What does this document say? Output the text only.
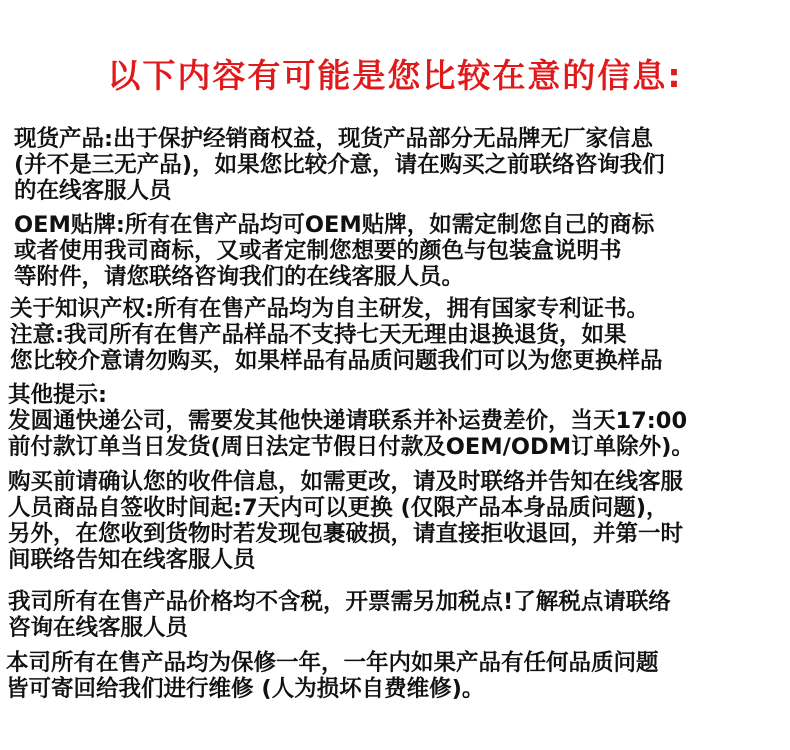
以下内容有可能是您比较在意的信息:
现货产品:出于保护经销商权益，现货产品部分无品牌无厂家信息
(并不是三无产品)，如果您比较介意，请在购买之前联络咨询我们
的在线客服人员
OEM贴牌:所有在售产品均可OEM贴牌，如需定制您自己的商标
或者使用我司商标，又或者定制您想要的颜色与包装盒说明书
等附件，请您联络咨询我们的在线客服人员。
关于知识产权:所有在售产品均为自主研发，拥有国家专利证书。
注意:我司所有在售产品样品不支持七天无理由退换退货，如果
您比较介意请勿购买，如果样品有品质问题我们可以为您更换样品
其他提示:
发圆通快递公司，需要发其他快递请联系并补运费差价，当天17:00
前付款订单当日发货(周日法定节假日付款及OEM/ODM订单除外)。
购买前请确认您的收件信息，如需更改，请及时联络并告知在线客服
人员商品自签收时间起:7天内可以更换 (仅限产品本身品质问题)，
另外，在您收到货物时若发现包裹破损，请直接拒收退回，并第一时
间联络告知在线客服人员
我司所有在售产品价格均不含税，开票需另加税点!了解税点请联络
咨询在线客服人员
本司所有在售产品均为保修一年，一年内如果产品有任何品质问题
皆可寄回给我们进行维修 (人为损坏自费维修)。
